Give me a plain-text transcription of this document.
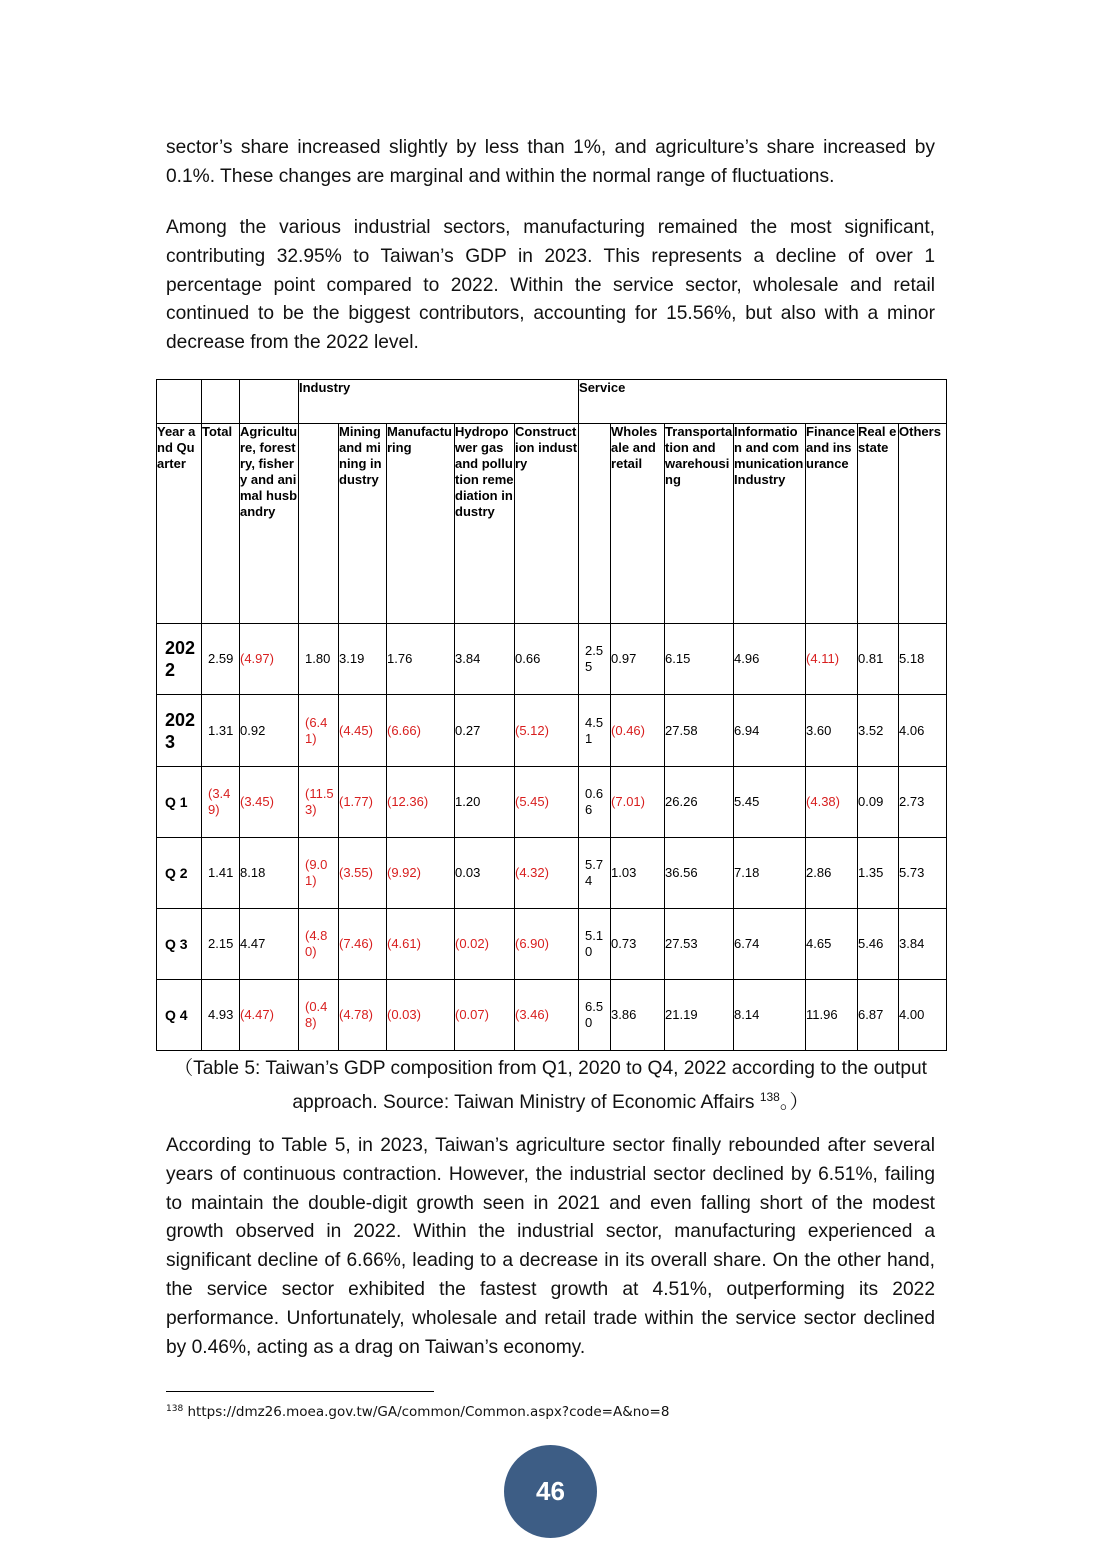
sector’s share increased slightly by less than 1%, and agriculture’s share increased by 0.1%. These changes are marginal and within the normal range of fluctuations.

Among the various industrial sectors, manufacturing remained the most significant, contributing 32.95% to Taiwan’s GDP in 2023. This represents a decline of over 1 percentage point compared to 2022. Within the service sector, wholesale and retail continued to be the biggest contributors, accounting for 15.56%, but also with a minor decrease from the 2022 level.

			Industry					Service						
Year and Quarter	Total	Agriculture, forestry, fishery and animal husbandry		Mining and mining industry	Manufacturing	Hydropower gas and pollution remediation industry	Construction industry		Wholesale and retail	Transportation and warehousing	Information and communication Industry	Finance and insurance	Real estate	Others
2022	2.59	(4.97)	1.80	3.19	1.76	3.84	0.66	2.55	0.97	6.15	4.96	(4.11)	0.81	5.18
2023	1.31	0.92	(6.41)	(4.45)	(6.66)	0.27	(5.12)	4.51	(0.46)	27.58	6.94	3.60	3.52	4.06
Q 1	(3.49)	(3.45)	(11.53)	(1.77)	(12.36)	1.20	(5.45)	0.66	(7.01)	26.26	5.45	(4.38)	0.09	2.73
Q 2	1.41	8.18	(9.01)	(3.55)	(9.92)	0.03	(4.32)	5.74	1.03	36.56	7.18	2.86	1.35	5.73
Q 3	2.15	4.47	(4.80)	(7.46)	(4.61)	(0.02)	(6.90)	5.10	0.73	27.53	6.74	4.65	5.46	3.84
Q 4	4.93	(4.47)	(0.48)	(4.78)	(0.03)	(0.07)	(3.46)	6.50	3.86	21.19	8.14	11.96	6.87	4.00

（Table 5: Taiwan’s GDP composition from Q1, 2020 to Q4, 2022 according to the output approach. Source: Taiwan Ministry of Economic Affairs $^{138}$。）

According to Table 5, in 2023, Taiwan’s agriculture sector finally rebounded after several years of continuous contraction. However, the industrial sector declined by 6.51%, failing to maintain the double-digit growth seen in 2021 and even falling short of the modest growth observed in 2022. Within the industrial sector, manufacturing experienced a significant decline of 6.66%, leading to a decrease in its overall share. On the other hand, the service sector exhibited the fastest growth at 4.51%, outperforming its 2022 performance. Unfortunately, wholesale and retail trade within the service sector declined by 0.46%, acting as a drag on Taiwan’s economy.

$^{138}$ https://dmz26.moea.gov.tw/GA/common/Common.aspx?code=A&no=8

46
